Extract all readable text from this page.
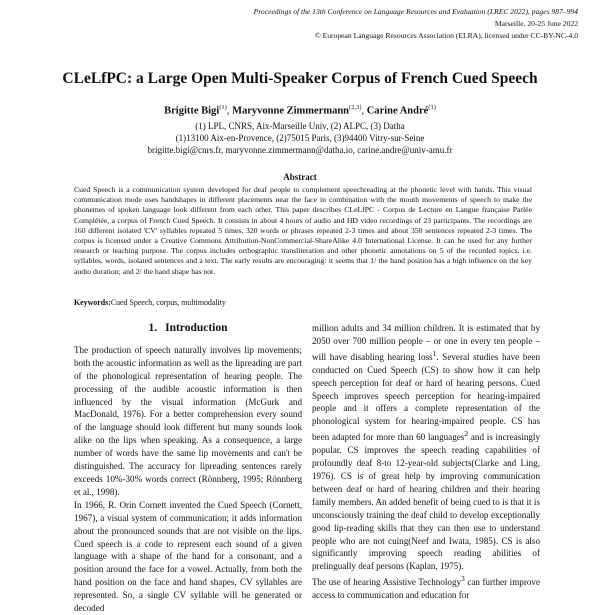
Proceedings of the 13th Conference on Language Resources and Evaluation (LREC 2022), pages 987–994
Marseille, 20-25 June 2022
© European Language Resources Association (ELRA), licensed under CC-BY-NC-4.0
CLeLfPC: a Large Open Multi-Speaker Corpus of French Cued Speech
Brigitte Bigi$^{(1)}$, Maryvonne Zimmermann$^{(2,3)}$, Carine André$^{(1)}$
(1) LPL, CNRS, Aix-Marseille Univ, (2) ALPC, (3) Datha
(1)13100 Aix-en-Provence, (2)75015 Paris, (3)94400 Vitry-sur-Seine
brigitte.bigi@cnrs.fr, maryvonne.zimmermann@datha.io, carine.andre@univ-amu.fr
Abstract
Cued Speech is a communication system developed for deaf people to complement speechreading at the phonetic level with hands. This visual communication mode uses handshapes in different placements near the face in combination with the mouth movements of speech to make the phonemes of spoken language look different from each other. This paper describes CLeLfPC - Corpus de Lecture en Langue française Parlée Complétée, a corpus of French Cued Speech. It consists in about 4 hours of audio and HD video recordings of 23 participants. The recordings are 160 different isolated 'CV' syllables repeated 5 times, 320 words or phrases repeated 2-3 times and about 350 sentences repeated 2-3 times. The corpus is licensed under a Creative Commons Attribution-NonCommercial-ShareAlike 4.0 International License. It can be used for any further research or teaching purpose. The corpus includes orthographic transliteration and other phonetic annotations on 5 of the recorded topics, i.e. syllables, words, isolated sentences and a text. The early results are encouraging: it seems that 1/ the hand position has a high influence on the key audio duration; and 2/ the hand shape has not.
Keywords:Cued Speech, corpus, multimodality
1. Introduction

The production of speech naturally involves lip movements; both the acoustic information as well as the lipreading are part of the phonological representation of hearing people. The processing of the audible acoustic information is then influenced by the visual information (McGurk and MacDonald, 1976). For a better comprehension every sound of the language should look different but many sounds look alike on the lips when speaking. As a consequence, a large number of words have the same lip movements and can't be distinguished. The accuracy for lipreading sentences rarely exceeds 10%-30% words correct (Rönnberg, 1995; Rönnberg et al., 1998).

In 1966, R. Orin Cornett invented the Cued Speech (Cornett, 1967), a visual system of communication; it adds information about the pronounced sounds that are not visible on the lips. Cued speech is a code to represent each sound of a given language with a shape of the hand for a consonant, and a position around the face for a vowel. Actually, from both the hand position on the face and hand shapes, CV syllables are represented. So, a single CV syllable will be generated or decoded

million adults and 34 million children. It is estimated that by 2050 over 700 million people – or one in every ten people – will have disabling hearing loss$^1$. Several studies have been conducted on Cued Speech (CS) to show how it can help speech perception for deaf or hard of hearing persons. Cued Speech improves speech perception for hearing-impaired people and it offers a complete representation of the phonological system for hearing-impaired people. CS has been adapted for more than 60 languages$^2$ and is increasingly popular. CS improves the speech reading capabilities of profoundly deaf 8-to 12-year-old subjects(Clarke and Ling, 1976). CS is of great help by improving communication between deaf or hard of hearing children and their hearing family members. An added benefit of being cued to is that it is unconsciously training the deaf child to develop exceptionally good lip-reading skills that they can then use to understand people who are not cuing(Neef and Iwata, 1985). CS is also significantly improving speech reading abilities of prelingually deaf persons (Kaplan, 1975).

The use of hearing Assistive Technology$^3$ can further improve access to communication and education for
